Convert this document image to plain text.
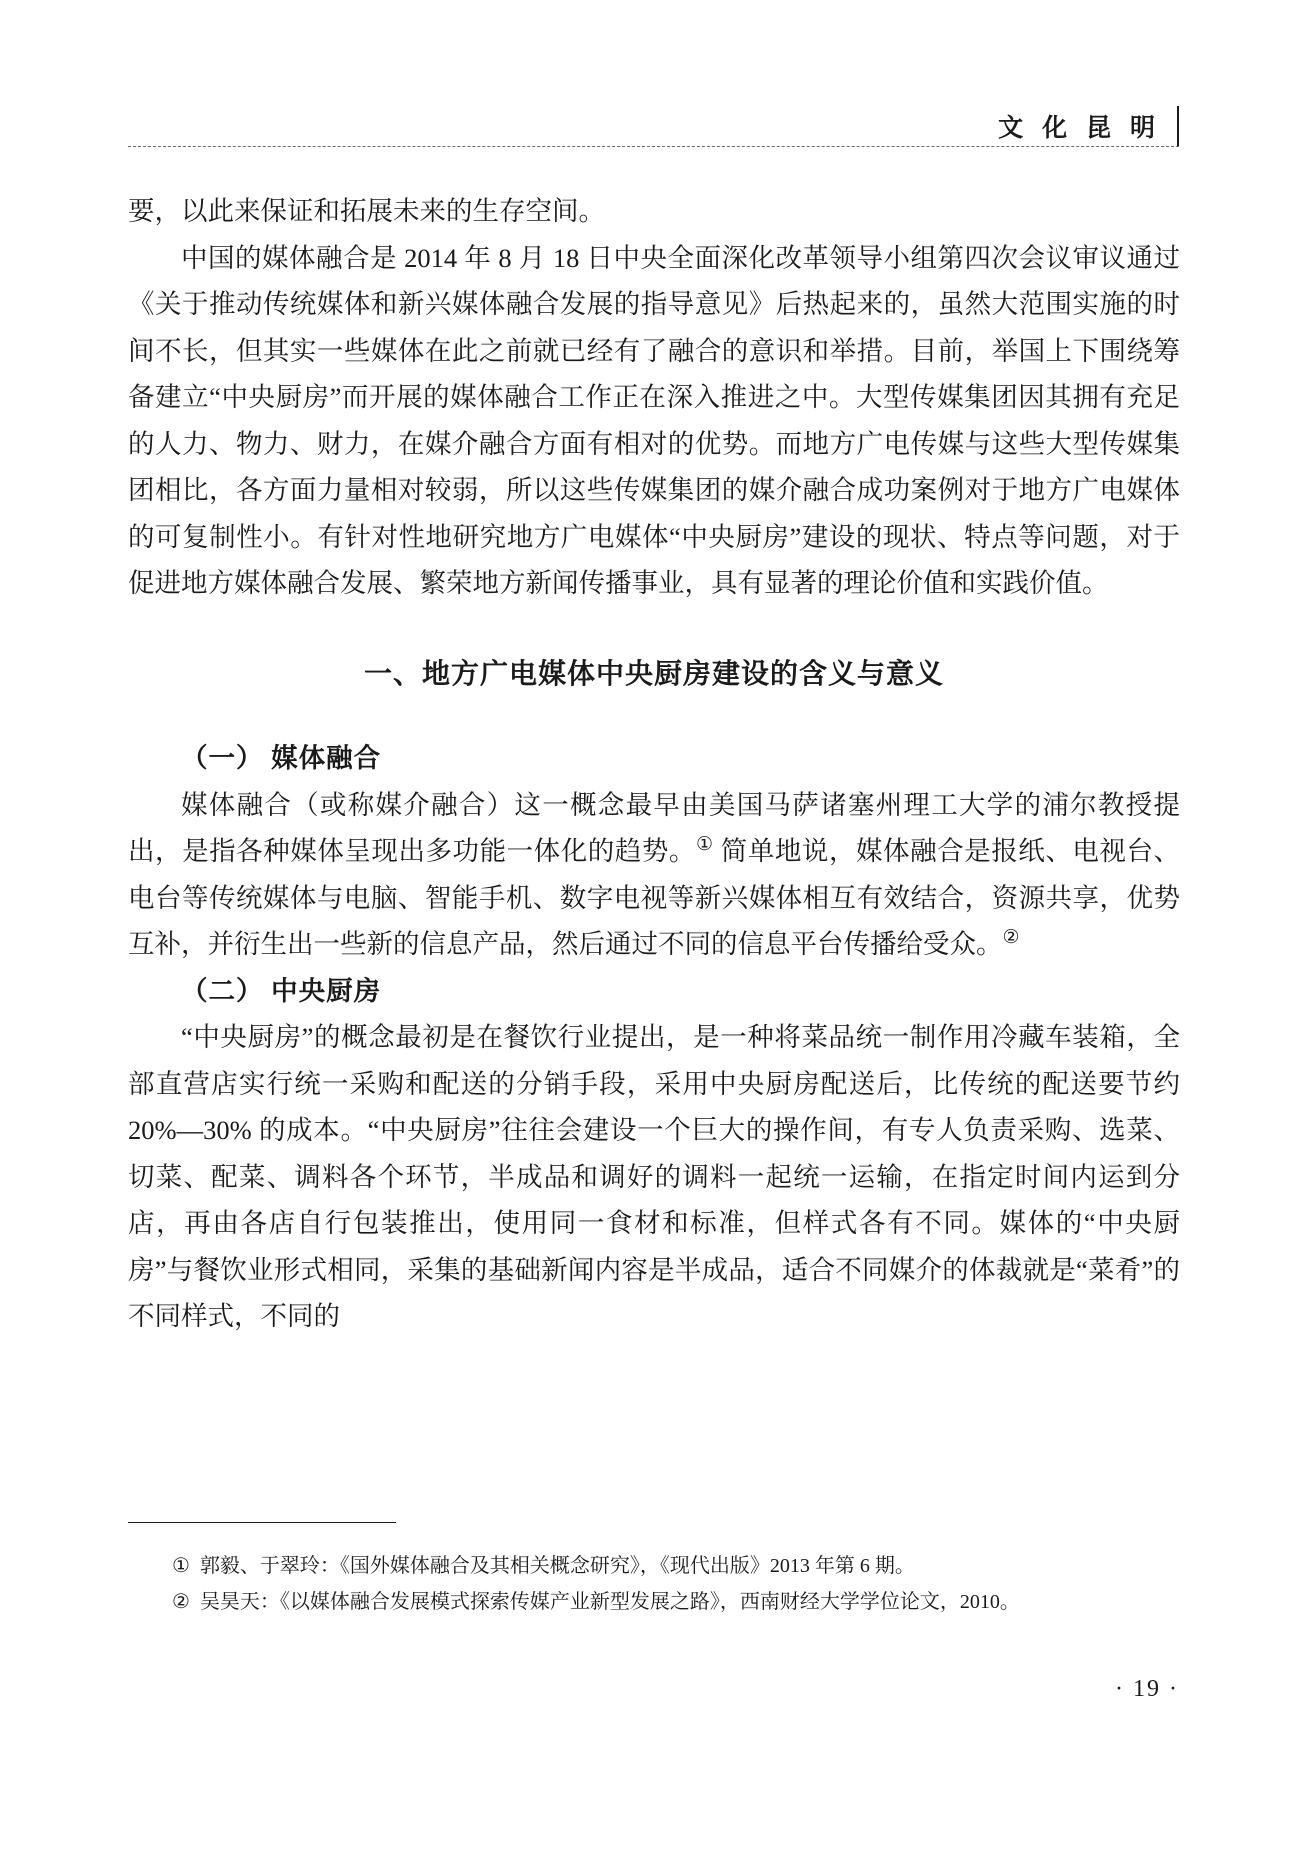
文 化 昆 明

要，以此来保证和拓展未来的生存空间。

中国的媒体融合是 2014 年 8 月 18 日中央全面深化改革领导小组第四次会议审议通过《关于推动传统媒体和新兴媒体融合发展的指导意见》后热起来的，虽然大范围实施的时间不长，但其实一些媒体在此之前就已经有了融合的意识和举措。目前，举国上下围绕筹备建立“中央厨房”而开展的媒体融合工作正在深入推进之中。大型传媒集团因其拥有充足的人力、物力、财力，在媒介融合方面有相对的优势。而地方广电传媒与这些大型传媒集团相比，各方面力量相对较弱，所以这些传媒集团的媒介融合成功案例对于地方广电媒体的可复制性小。有针对性地研究地方广电媒体“中央厨房”建设的现状、特点等问题，对于促进地方媒体融合发展、繁荣地方新闻传播事业，具有显著的理论价值和实践价值。

一、地方广电媒体中央厨房建设的含义与意义

（一） 媒体融合

媒体融合（或称媒介融合）这一概念最早由美国马萨诸塞州理工大学的浦尔教授提出，是指各种媒体呈现出多功能一体化的趋势。① 简单地说，媒体融合是报纸、电视台、电台等传统媒体与电脑、智能手机、数字电视等新兴媒体相互有效结合，资源共享，优势互补，并衍生出一些新的信息产品，然后通过不同的信息平台传播给受众。②

（二） 中央厨房

“中央厨房”的概念最初是在餐饮行业提出，是一种将菜品统一制作用冷藏车装箱，全部直营店实行统一采购和配送的分销手段，采用中央厨房配送后，比传统的配送要节约 20%—30% 的成本。“中央厨房”往往会建设一个巨大的操作间，有专人负责采购、选菜、切菜、配菜、调料各个环节，半成品和调好的调料一起统一运输，在指定时间内运到分店，再由各店自行包装推出，使用同一食材和标准，但样式各有不同。媒体的“中央厨房”与餐饮业形式相同，采集的基础新闻内容是半成品，适合不同媒介的体裁就是“菜肴”的不同样式，不同的

① 郭毅、于翠玲：《国外媒体融合及其相关概念研究》，《现代出版》2013 年第 6 期。

② 吴昊天：《以媒体融合发展模式探索传媒产业新型发展之路》，西南财经大学学位论文，2010。

· 19 ·
